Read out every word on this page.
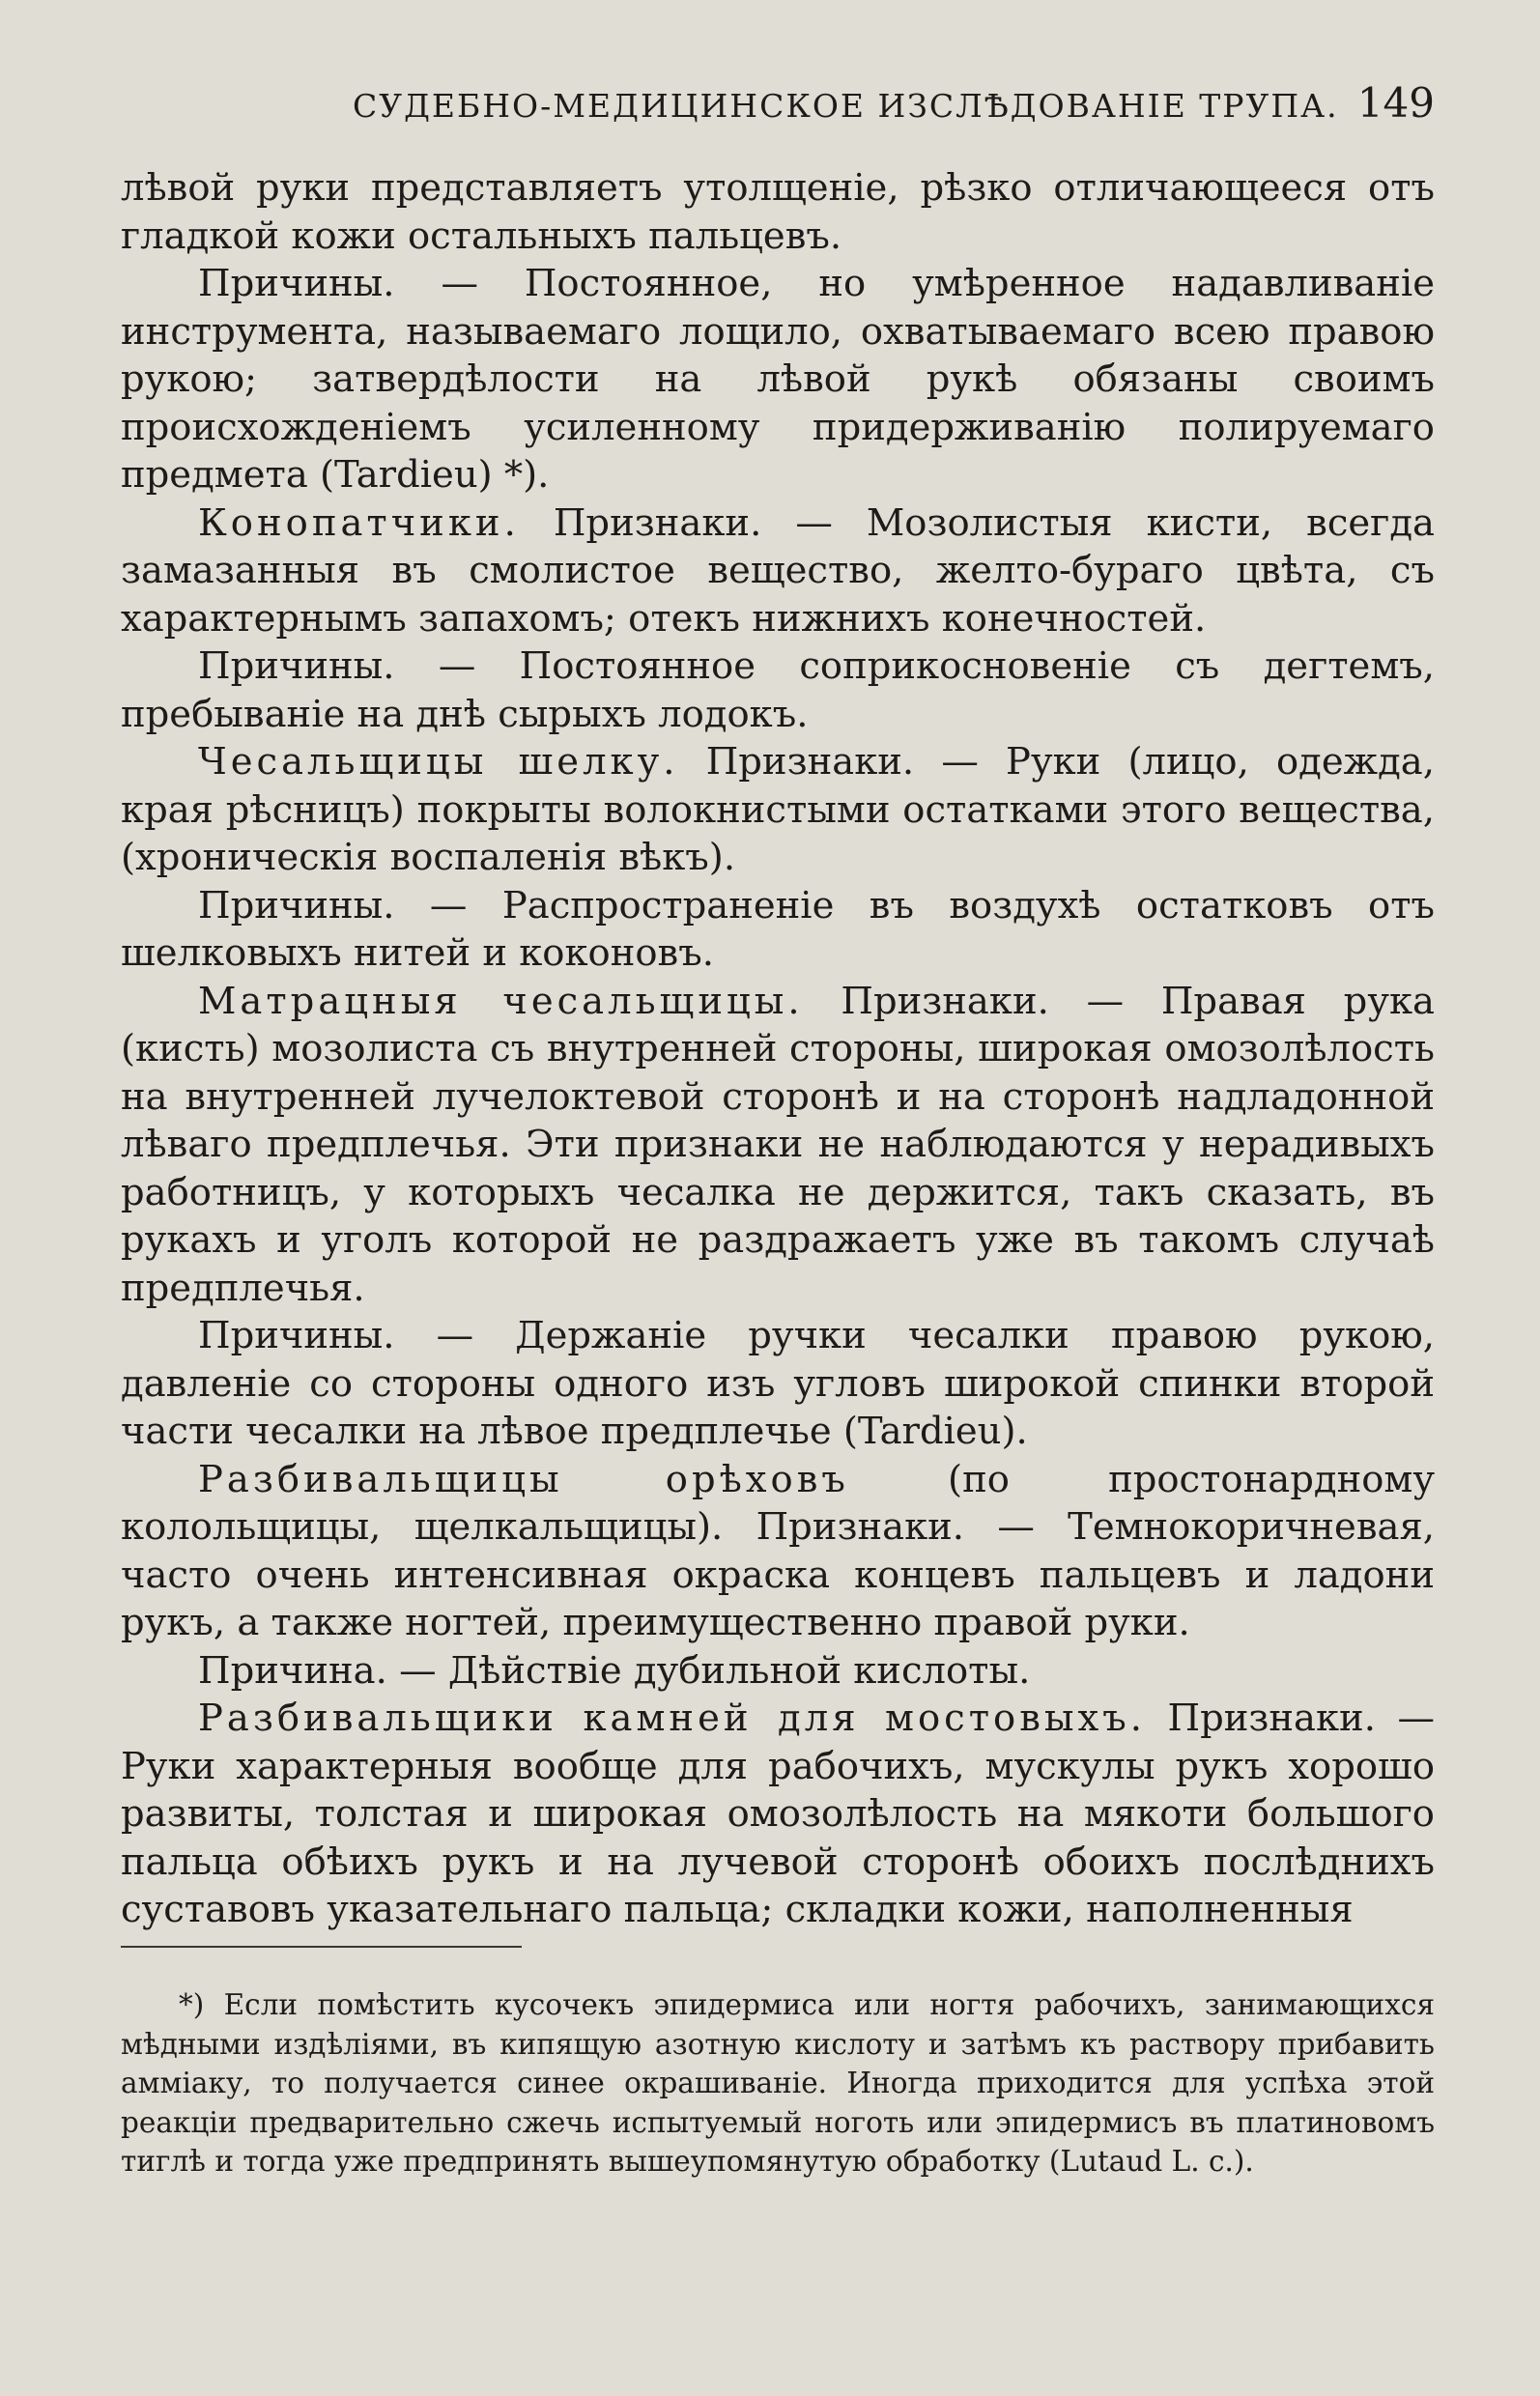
СУДЕБНО-МЕДИЦИНСКОЕ ИЗСЛѢДОВАНІЕ ТРУПА. 149

лѣвой руки представляетъ утолщеніе, рѣзко отличающееся отъ гладкой кожи остальныхъ пальцевъ.

Причины. — Постоянное, но умѣренное надавливаніе инструмента, называемаго лощило, охватываемаго всею правою рукою; затвердѣлости на лѣвой рукѣ обязаны своимъ происхожденіемъ усиленному придерживанію полируемаго предмета (Tardieu) *).

Конопатчики. Признаки. — Мозолистыя кисти, всегда замазанныя въ смолистое вещество, желто-бураго цвѣта, съ характернымъ запахомъ; отекъ нижнихъ конечностей.

Причины. — Постоянное соприкосновеніе съ дегтемъ, пребываніе на днѣ сырыхъ лодокъ.

Чесальщицы шелку. Признаки. — Руки (лицо, одежда, края рѣсницъ) покрыты волокнистыми остатками этого вещества, (хроническія воспаленія вѣкъ).

Причины. — Распространеніе въ воздухѣ остатковъ отъ шелковыхъ нитей и коконовъ.

Матрацныя чесальщицы. Признаки. — Правая рука (кисть) мозолиста съ внутренней стороны, широкая омозолѣлость на внутренней лучелоктевой сторонѣ и на сторонѣ надладонной лѣваго предплечья. Эти признаки не наблюдаются у нерадивыхъ работницъ, у которыхъ чесалка не держится, такъ сказать, въ рукахъ и уголъ которой не раздражаетъ уже въ такомъ случаѣ предплечья.

Причины. — Держаніе ручки чесалки правою рукою, давленіе со стороны одного изъ угловъ широкой спинки второй части чесалки на лѣвое предплечье (Tardieu).

Разбивальщицы орѣховъ (по простонардному колольщицы, щелкальщицы). Признаки. — Темнокоричневая, часто очень интенсивная окраска концевъ пальцевъ и ладони рукъ, а также ногтей, преимущественно правой руки.

Причина. — Дѣйствіе дубильной кислоты.

Разбивальщики камней для мостовыхъ. Признаки. — Руки характерныя вообще для рабочихъ, мускулы рукъ хорошо развиты, толстая и широкая омозолѣлость на мякоти большого пальца обѣихъ рукъ и на лучевой сторонѣ обоихъ послѣднихъ суставовъ указательнаго пальца; складки кожи, наполненныя

*) Если помѣстить кусочекъ эпидермиса или ногтя рабочихъ, занимающихся мѣдными издѣліями, въ кипящую азотную кислоту и затѣмъ къ раствору прибавить аммiаку, то получается синее окрашиваніе. Иногда приходится для успѣха этой реакціи предварительно сжечь испытуемый ноготь или эпидермисъ въ платиновомъ тиглѣ и тогда уже предпринять вышеупомянутую обработку (Lutaud L. c.).
